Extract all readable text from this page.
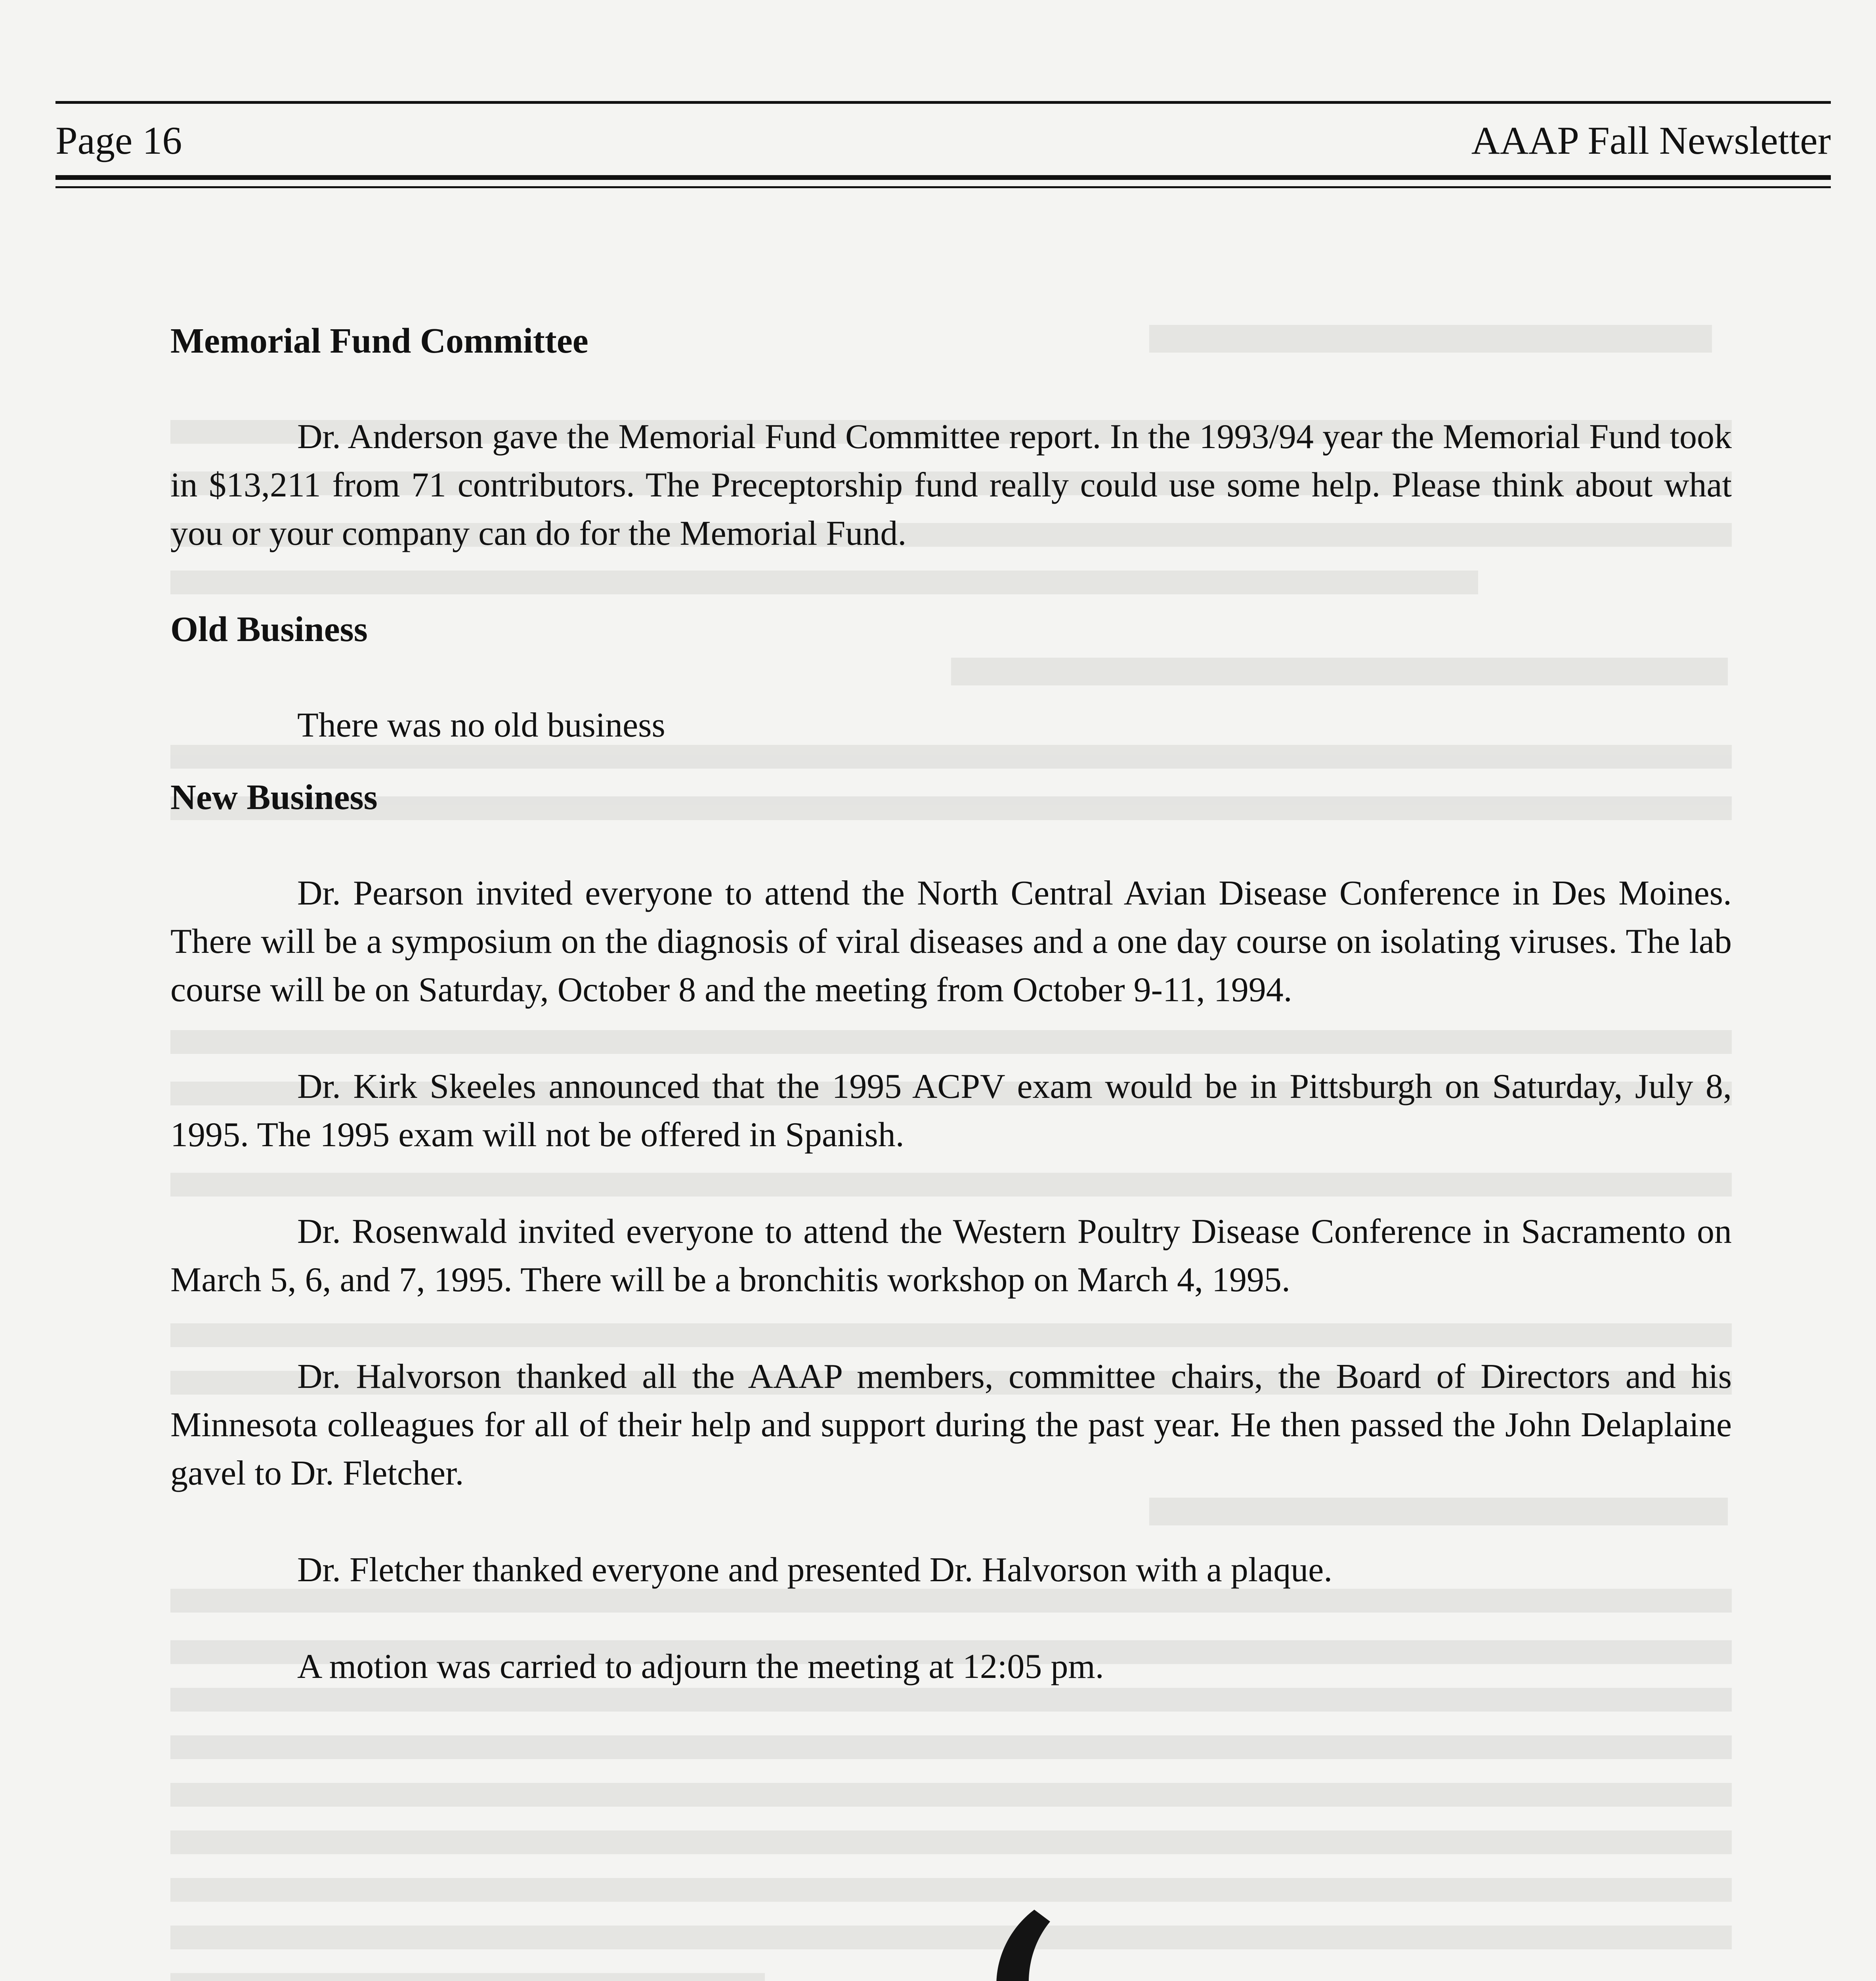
Page 16	AAAP Fall Newsletter

Memorial Fund Committee

Dr. Anderson gave the Memorial Fund Committee report. In the 1993/94 year the Memorial Fund took in $13,211 from 71 contributors. The Preceptorship fund really could use some help. Please think about what you or your company can do for the Memorial Fund.

Old Business

There was no old business

New Business

Dr. Pearson invited everyone to attend the North Central Avian Disease Conference in Des Moines. There will be a symposium on the diagnosis of viral diseases and a one day course on isolating viruses. The lab course will be on Saturday, October 8 and the meeting from October 9-11, 1994.

Dr. Kirk Skeeles announced that the 1995 ACPV exam would be in Pittsburgh on Saturday, July 8, 1995. The 1995 exam will not be offered in Spanish.

Dr. Rosenwald invited everyone to attend the Western Poultry Disease Conference in Sacramento on March 5, 6, and 7, 1995. There will be a bronchitis workshop on March 4, 1995.

Dr. Halvorson thanked all the AAAP members, committee chairs, the Board of Directors and his Minnesota colleagues for all of their help and support during the past year. He then passed the John Delaplaine gavel to Dr. Fletcher.

Dr. Fletcher thanked everyone and presented Dr. Halvorson with a plaque.

A motion was carried to adjourn the meeting at 12:05 pm.
